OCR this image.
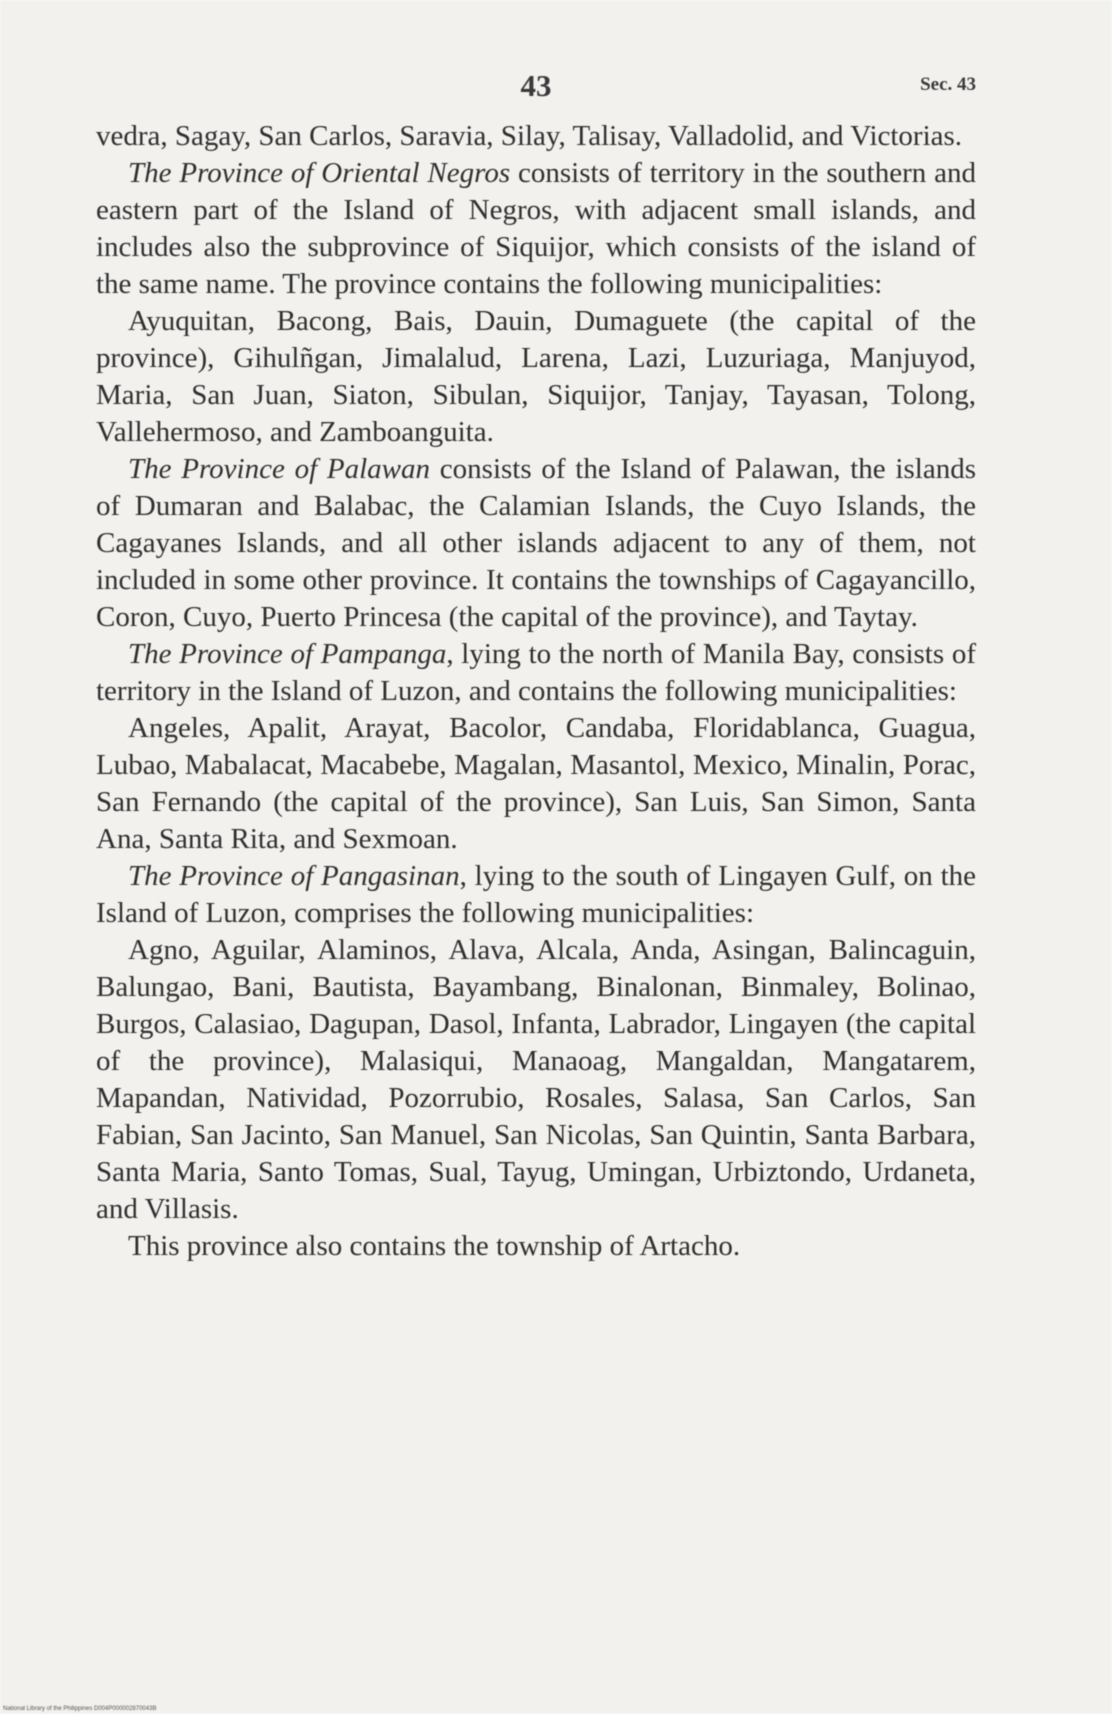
43	Sec. 43

vedra, Sagay, San Carlos, Saravia, Silay, Talisay, Valladolid, and Victorias.

The Province of Oriental Negros consists of territory in the southern and eastern part of the Island of Negros, with adjacent small islands, and includes also the subprovince of Siquijor, which consists of the island of the same name. The province contains the following municipalities:

Ayuquitan, Bacong, Bais, Dauin, Dumaguete (the capital of the province), Gihulñgan, Jimalalud, Larena, Lazi, Luzuriaga, Manjuyod, Maria, San Juan, Siaton, Sibulan, Siquijor, Tanjay, Tayasan, Tolong, Vallehermoso, and Zamboanguita.

The Province of Palawan consists of the Island of Palawan, the islands of Dumaran and Balabac, the Calamian Islands, the Cuyo Islands, the Cagayanes Islands, and all other islands adjacent to any of them, not included in some other province. It contains the townships of Cagayancillo, Coron, Cuyo, Puerto Princesa (the capital of the province), and Taytay.

The Province of Pampanga, lying to the north of Manila Bay, consists of territory in the Island of Luzon, and contains the following municipalities:

Angeles, Apalit, Arayat, Bacolor, Candaba, Floridablanca, Guagua, Lubao, Mabalacat, Macabebe, Magalan, Masantol, Mexico, Minalin, Porac, San Fernando (the capital of the province), San Luis, San Simon, Santa Ana, Santa Rita, and Sexmoan.

The Province of Pangasinan, lying to the south of Lingayen Gulf, on the Island of Luzon, comprises the following municipalities:

Agno, Aguilar, Alaminos, Alava, Alcala, Anda, Asingan, Balincaguin, Balungao, Bani, Bautista, Bayambang, Binalonan, Binmaley, Bolinao, Burgos, Calasiao, Dagupan, Dasol, Infanta, Labrador, Lingayen (the capital of the province), Malasiqui, Manaoag, Mangaldan, Mangatarem, Mapandan, Natividad, Pozorrubio, Rosales, Salasa, San Carlos, San Fabian, San Jacinto, San Manuel, San Nicolas, San Quintin, Santa Barbara, Santa Maria, Santo Tomas, Sual, Tayug, Umingan, Urbiztondo, Urdaneta, and Villasis.

This province also contains the township of Artacho.

National Library of the Philippines D004P000002870043B
